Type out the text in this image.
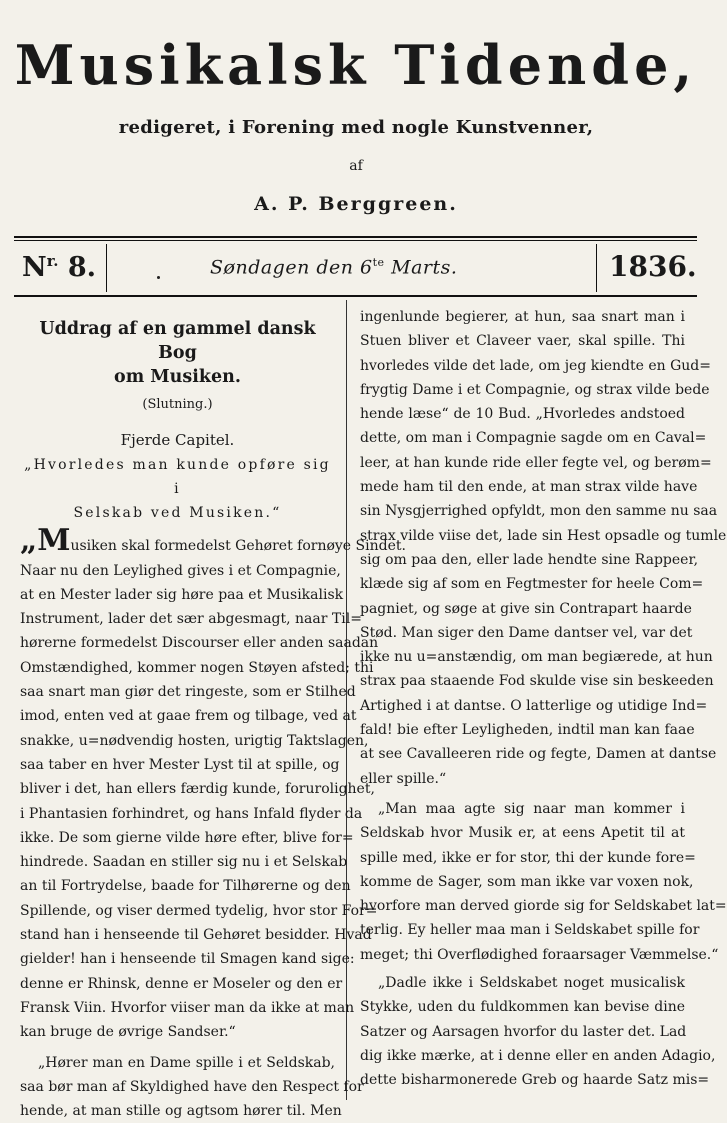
Musikalsk Tidende,
redigeret, i Forening med nogle Kunstvenner,
af
A. P. Berggreen.
$N^{r.}$ 8.	Søndagen den $6^{te}$ Marts.	1836.
Uddrag af en gammel dansk Bog
om Musiken.
(Slutning.)
Fjerde Capitel.
„Hvorledes man kunde opføre sig i
Selskab ved Musiken.“
„Musiken skal formedelst Gehøret fornøye Sindet.
Naar nu den Leylighed gives i et Compagnie,
at en Mester lader sig høre paa et Musikalisk
Instrument, lader det sær abgesmagt, naar Til=
hørerne formedelst Discourser eller anden saadan
Omstændighed, kommer nogen Støyen afsted; thi
saa snart man giør det ringeste, som er Stilhed
imod, enten ved at gaae frem og tilbage, ved at
snakke, u=nødvendig hosten, urigtig Taktslagen,
saa taber en hver Mester Lyst til at spille, og
bliver i det, han ellers færdig kunde, forurolighet,
i Phantasien forhindret, og hans Infald flyder da
ikke. De som gierne vilde høre efter, blive for=
hindrede. Saadan en stiller sig nu i et Selskab
an til Fortrydelse, baade for Tilhørerne og den
Spillende, og viser dermed tydelig, hvor stor For=
stand han i henseende til Gehøret besidder. Hvad
gielder! han i henseende til Smagen kand sige:
denne er Rhinsk, denne er Moseler og den er
Fransk Viin. Hvorfor viiser man da ikke at man
kan bruge de øvrige Sandser.“
„Hører man en Dame spille i et Seldskab,
saa bør man af Skyldighed have den Respect for
hende, at man stille og agtsom hører til. Men
ingenlunde begierer, at hun, saa snart man i
Stuen bliver et Claveer vaer, skal spille. Thi
hvorledes vilde det lade, om jeg kiendte en Gud=
frygtig Dame i et Compagnie, og strax vilde bede
hende læse“ de 10 Bud. „Hvorledes andstoed
dette, om man i Compagnie sagde om en Caval=
leer, at han kunde ride eller fegte vel, og berøm=
mede ham til den ende, at man strax vilde have
sin Nysgjerrighed opfyldt, mon den samme nu saa
strax vilde viise det, lade sin Hest opsadle og tumle
sig om paa den, eller lade hendte sine Rappeer,
klæde sig af som en Fegtmester for heele Com=
pagniet, og søge at give sin Contrapart haarde
Stød. Man siger den Dame dantser vel, var det
ikke nu u=anstændig, om man begiærede, at hun
strax paa staaende Fod skulde vise sin beskeeden
Artighed i at dantse. O latterlige og utidige Ind=
fald! bie efter Leyligheden, indtil man kan faae
at see Cavalleeren ride og fegte, Damen at dantse
eller spille.“
„Man maa agte sig naar man kommer i
Seldskab hvor Musik er, at eens Apetit til at
spille med, ikke er for stor, thi der kunde fore=
komme de Sager, som man ikke var voxen nok,
hvorfore man derved giorde sig for Seldskabet lat=
terlig. Ey heller maa man i Seldskabet spille for
meget; thi Overflødighed foraarsager Væmmelse.“
„Dadle ikke i Seldskabet noget musicalisk
Stykke, uden du fuldkommen kan bevise dine
Satzer og Aarsagen hvorfor du laster det. Lad
dig ikke mærke, at i denne eller en anden Adagio,
dette bisharmonerede Greb og haarde Satz mis=
